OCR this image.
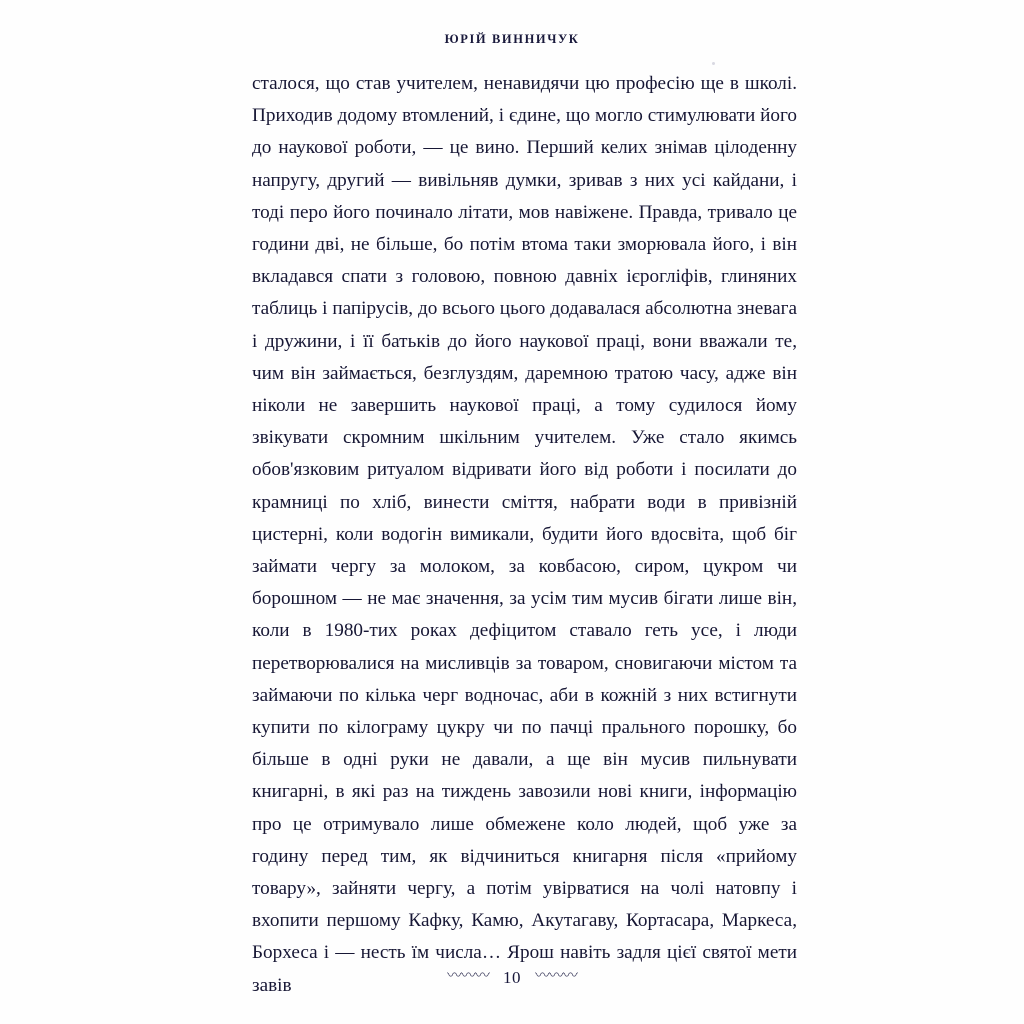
ЮРІЙ ВИННИЧУК

сталося, що став учителем, ненавидячи цю професію ще в школі. Приходив додому втомлений, і єдине, що могло стимулювати його до наукової роботи, — це вино. Перший келих знімав цілоденну напругу, другий — вивільняв думки, зривав з них усі кайдани, і тоді перо його починало літати, мов навіжене. Правда, тривало це години дві, не більше, бо потім втома таки зморювала його, і він вкладався спати з головою, повною давніх ієрогліфів, глиняних таблиць і папірусів, до всього цього додавалася абсолютна зневага і дружини, і її батьків до його наукової праці, вони вважали те, чим він займається, безглуздям, даремною тратою часу, адже він ніколи не завершить наукової праці, а тому судилося йому звікувати скромним шкільним учителем. Уже стало якимсь обов'язковим ритуалом відривати його від роботи і посилати до крамниці по хліб, винести сміття, набрати води в привізній цистерні, коли водогін вимикали, будити його вдосвіта, щоб біг займати чергу за молоком, за ковбасою, сиром, цукром чи борошном — не має значення, за усім тим мусив бігати лише він, коли в 1980-тих роках дефіцитом ставало геть усе, і люди перетворювалися на мисливців за товаром, сновигаючи містом та займаючи по кілька черг водночас, аби в кожній з них встигнути купити по кілограму цукру чи по пачці прального порошку, бо більше в одні руки не давали, а ще він мусив пильнувати книгарні, в які раз на тиждень завозили нові книги, інформацію про це отримувало лише обмежене коло людей, щоб уже за годину перед тим, як відчиниться книгарня після «прийому товару», зайняти чергу, а потім увірватися на чолі натовпу і вхопити першому Кафку, Камю, Акутагаву, Кортасара, Маркеса, Борхеса і — несть їм числа… Ярош навіть задля цієї святої мети завів	〰〰〰 10 〰〰〰
